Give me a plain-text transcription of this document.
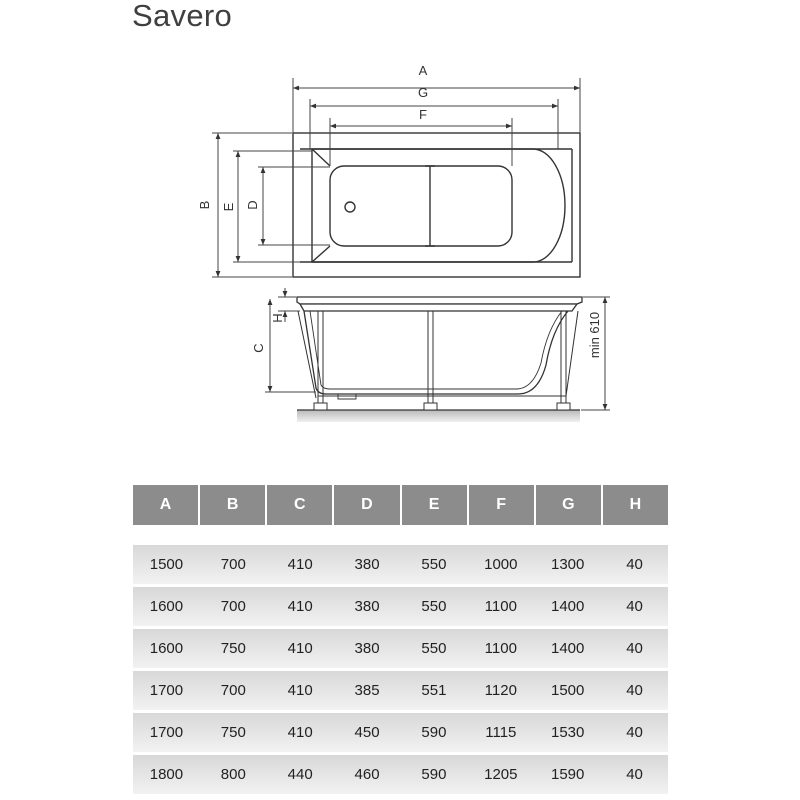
Savero
A
G
F
B E D
H
C	min 610
A	B	C	D	E	F	G	H
1500	700	410	380	550	1000	1300	40
1600	700	410	380	550	1100	1400	40
1600	750	410	380	550	1100	1400	40
1700	700	410	385	551	1120	1500	40
1700	750	410	450	590	1115	1530	40
1800	800	440	460	590	1205	1590	40
